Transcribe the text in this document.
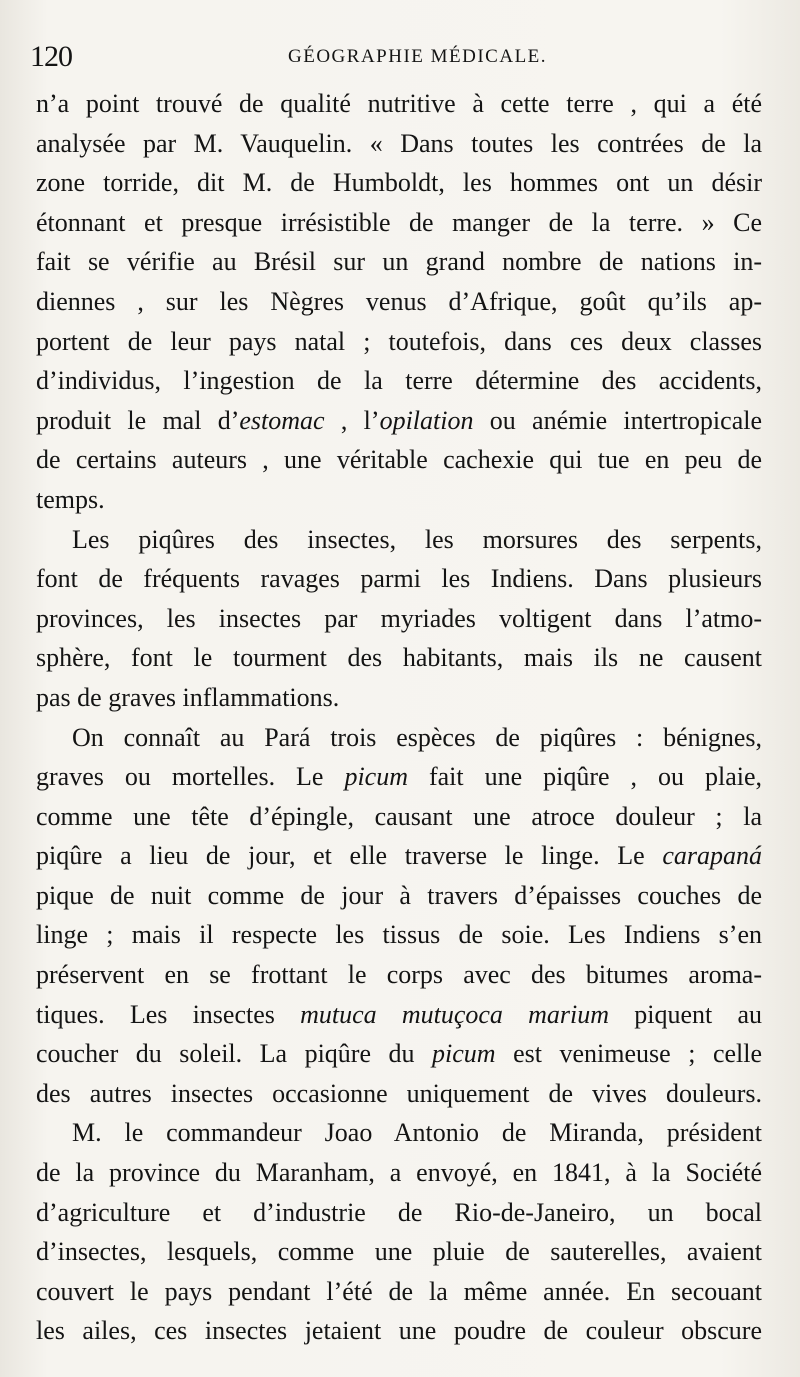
120	GÉOGRAPHIE MÉDICALE.
n’a point trouvé de qualité nutritive à cette terre , qui a été
analysée par M. Vauquelin. « Dans toutes les contrées de la
zone torride, dit M. de Humboldt, les hommes ont un désir
étonnant et presque irrésistible de manger de la terre. » Ce
fait se vérifie au Brésil sur un grand nombre de nations in-
diennes , sur les Nègres venus d’Afrique, goût qu’ils ap-
portent de leur pays natal ; toutefois, dans ces deux classes
d’individus, l’ingestion de la terre détermine des accidents,
produit le mal d’estomac , l’opilation ou anémie intertropicale
de certains auteurs , une véritable cachexie qui tue en peu de
temps.
Les piqûres des insectes, les morsures des serpents,
font de fréquents ravages parmi les Indiens. Dans plusieurs
provinces, les insectes par myriades voltigent dans l’atmo-
sphère, font le tourment des habitants, mais ils ne causent
pas de graves inflammations.
On connaît au Pará trois espèces de piqûres : bénignes,
graves ou mortelles. Le picum fait une piqûre , ou plaie,
comme une tête d’épingle, causant une atroce douleur ; la
piqûre a lieu de jour, et elle traverse le linge. Le carapaná
pique de nuit comme de jour à travers d’épaisses couches de
linge ; mais il respecte les tissus de soie. Les Indiens s’en
préservent en se frottant le corps avec des bitumes aroma-
tiques. Les insectes mutuca mutuçoca marium piquent au
coucher du soleil. La piqûre du picum est venimeuse ; celle
des autres insectes occasionne uniquement de vives douleurs.
M. le commandeur Joao Antonio de Miranda, président
de la province du Maranham, a envoyé, en 1841, à la Société
d’agriculture et d’industrie de Rio-de-Janeiro, un bocal
d’insectes, lesquels, comme une pluie de sauterelles, avaient
couvert le pays pendant l’été de la même année. En secouant
les ailes, ces insectes jetaient une poudre de couleur obscure
